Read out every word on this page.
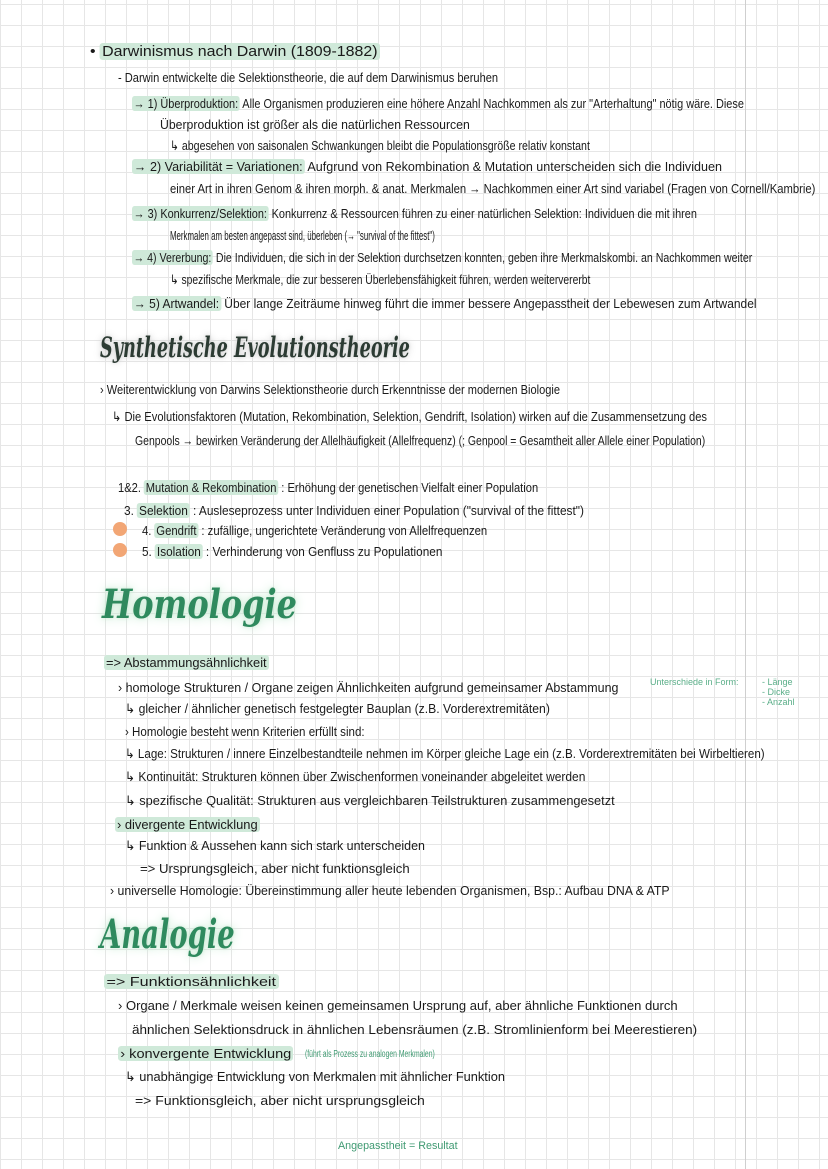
• Darwinismus nach Darwin (1809-1882)
- Darwin entwickelte die Selektionstheorie, die auf dem Darwinismus beruhen
→ 1) Überproduktion: Alle Organismen produzieren eine höhere Anzahl Nachkommen als zur "Arterhaltung" nötig wäre. Diese
Überproduktion ist größer als die natürlichen Ressourcen
↳ abgesehen von saisonalen Schwankungen bleibt die Populationsgröße relativ konstant
→ 2) Variabilität = Variationen: Aufgrund von Rekombination & Mutation unterscheiden sich die Individuen
einer Art in ihren Genom & ihren morph. & anat. Merkmalen → Nachkommen einer Art sind variabel (Fragen von Cornell/Kambrie)
→ 3) Konkurrenz/Selektion: Konkurrenz & Ressourcen führen zu einer natürlichen Selektion: Individuen die mit ihren
Merkmalen am besten angepasst sind, überleben (→ "survival of the fittest")
→ 4) Vererbung: Die Individuen, die sich in der Selektion durchsetzen konnten, geben ihre Merkmalskombi. an Nachkommen weiter
↳ spezifische Merkmale, die zur besseren Überlebensfähigkeit führen, werden weitervererbt
→ 5) Artwandel: Über lange Zeiträume hinweg führt die immer bessere Angepasstheit der Lebewesen zum Artwandel
Synthetische Evolutionstheorie
› Weiterentwicklung von Darwins Selektionstheorie durch Erkenntnisse der modernen Biologie
↳ Die Evolutionsfaktoren (Mutation, Rekombination, Selektion, Gendrift, Isolation) wirken auf die Zusammensetzung des
Genpools → bewirken Veränderung der Allelhäufigkeit (Allelfrequenz) (; Genpool = Gesamtheit aller Allele einer Population)
1&2. Mutation & Rekombination : Erhöhung der genetischen Vielfalt einer Population
3. Selektion : Ausleseprozess unter Individuen einer Population ("survival of the fittest")
4. Gendrift : zufällige, ungerichtete Veränderung von Allelfrequenzen
5. Isolation : Verhinderung von Genfluss zu Populationen
Homologie
=> Abstammungsähnlichkeit
› homologe Strukturen / Organe zeigen Ähnlichkeiten aufgrund gemeinsamer Abstammung	Unterschiede in Form:	- Länge
- Dicke
- Anzahl
↳ gleicher / ähnlicher genetisch festgelegter Bauplan (z.B. Vorderextremitäten)
› Homologie besteht wenn Kriterien erfüllt sind:
↳ Lage: Strukturen / innere Einzelbestandteile nehmen im Körper gleiche Lage ein (z.B. Vorderextremitäten bei Wirbeltieren)
↳ Kontinuität: Strukturen können über Zwischenformen voneinander abgeleitet werden
↳ spezifische Qualität: Strukturen aus vergleichbaren Teilstrukturen zusammengesetzt
› divergente Entwicklung
↳ Funktion & Aussehen kann sich stark unterscheiden
=> Ursprungsgleich, aber nicht funktionsgleich
› universelle Homologie: Übereinstimmung aller heute lebenden Organismen, Bsp.: Aufbau DNA & ATP
Analogie
=> Funktionsähnlichkeit
› Organe / Merkmale weisen keinen gemeinsamen Ursprung auf, aber ähnliche Funktionen durch
ähnlichen Selektionsdruck in ähnlichen Lebensräumen (z.B. Stromlinienform bei Meerestieren)
› konvergente Entwicklung (führt als Prozess zu analogen Merkmalen)
↳ unabhängige Entwicklung von Merkmalen mit ähnlicher Funktion
=> Funktionsgleich, aber nicht ursprungsgleich
Angepasstheit = Resultat
